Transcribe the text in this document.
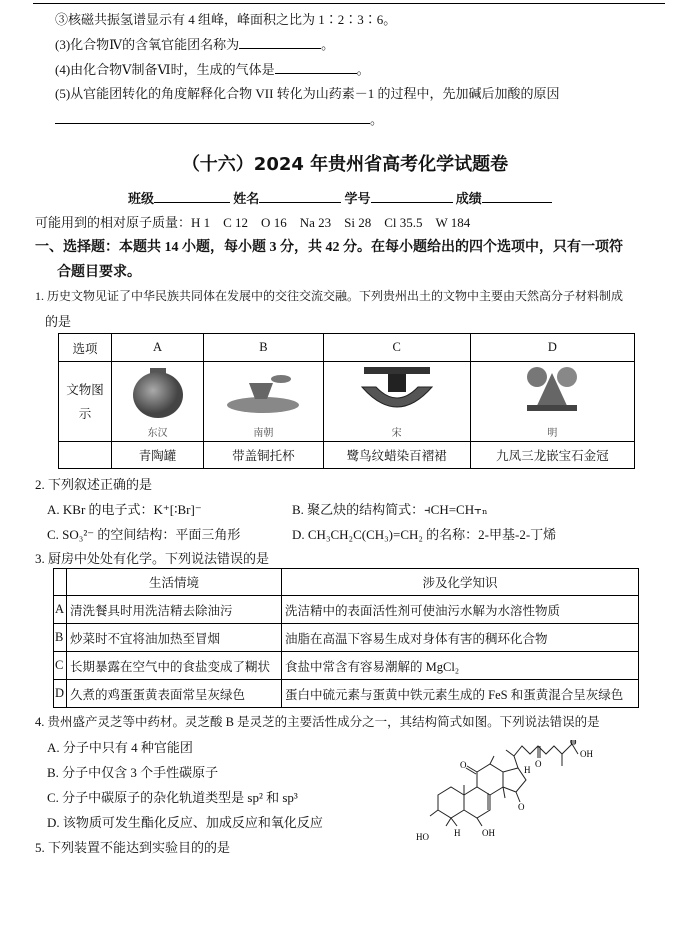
③核磁共振氢谱显示有 4 组峰，峰面积之比为 1∶2∶3∶6。
(3)化合物Ⅳ的含氧官能团名称为	。
(4)由化合物Ⅴ制备Ⅵ时，生成的气体是	。
(5)从官能团转化的角度解释化合物 VII 转化为山药素－1 的过程中，先加碱后加酸的原因
。
（十六）2024 年贵州省高考化学试题卷
班级	姓名	学号	成绩
可能用到的相对原子质量：H 1　C 12　O 16　Na 23　Si 28　Cl 35.5　W 184
一、选择题：本题共 14 小题，每小题 3 分，共 42 分。在每小题给出的四个选项中，只有一项符
合题目要求。
1. 历史文物见证了中华民族共同体在发展中的交往交流交融。下列贵州出土的文物中主要由天然高分子材料制成
的是
选项	A	B	C	D
文物图示	东汉	南朝	宋	明

	青陶罐	带盖铜托杯	鹭鸟纹蜡染百褶裙	九凤三龙嵌宝石金冠
2. 下列叙述正确的是
A. KBr 的电子式：K⁺[∶Br]⁻	B. 聚乙炔的结构简式：⫞CH=CH⫟ₙ
C. SO₃²⁻ 的空间结构：平面三角形	D. CH₃CH₂C(CH₃)=CH₂ 的名称：2-甲基-2-丁烯
3. 厨房中处处有化学。下列说法错误的是
	生活情境	涉及化学知识
A	清洗餐具时用洗洁精去除油污	洗洁精中的表面活性剂可使油污水解为水溶性物质
B	炒菜时不宜将油加热至冒烟	油脂在高温下容易生成对身体有害的稠环化合物
C	长期暴露在空气中的食盐变成了糊状	食盐中常含有容易潮解的 MgCl₂
D	久煮的鸡蛋蛋黄表面常呈灰绿色	蛋白中硫元素与蛋黄中铁元素生成的 FeS 和蛋黄混合呈灰绿色
4. 贵州盛产灵芝等中药材。灵芝酸 B 是灵芝的主要活性成分之一，其结构简式如图。下列说法错误的是
A. 分子中只有 4 种官能团
B. 分子中仅含 3 个手性碳原子
C. 分子中碳原子的杂化轨道类型是 sp² 和 sp³
D. 该物质可发生酯化反应、加成反应和氧化反应
5. 下列装置不能达到实验目的的是
O
O
OH
O
O
H
H
HO	OH
